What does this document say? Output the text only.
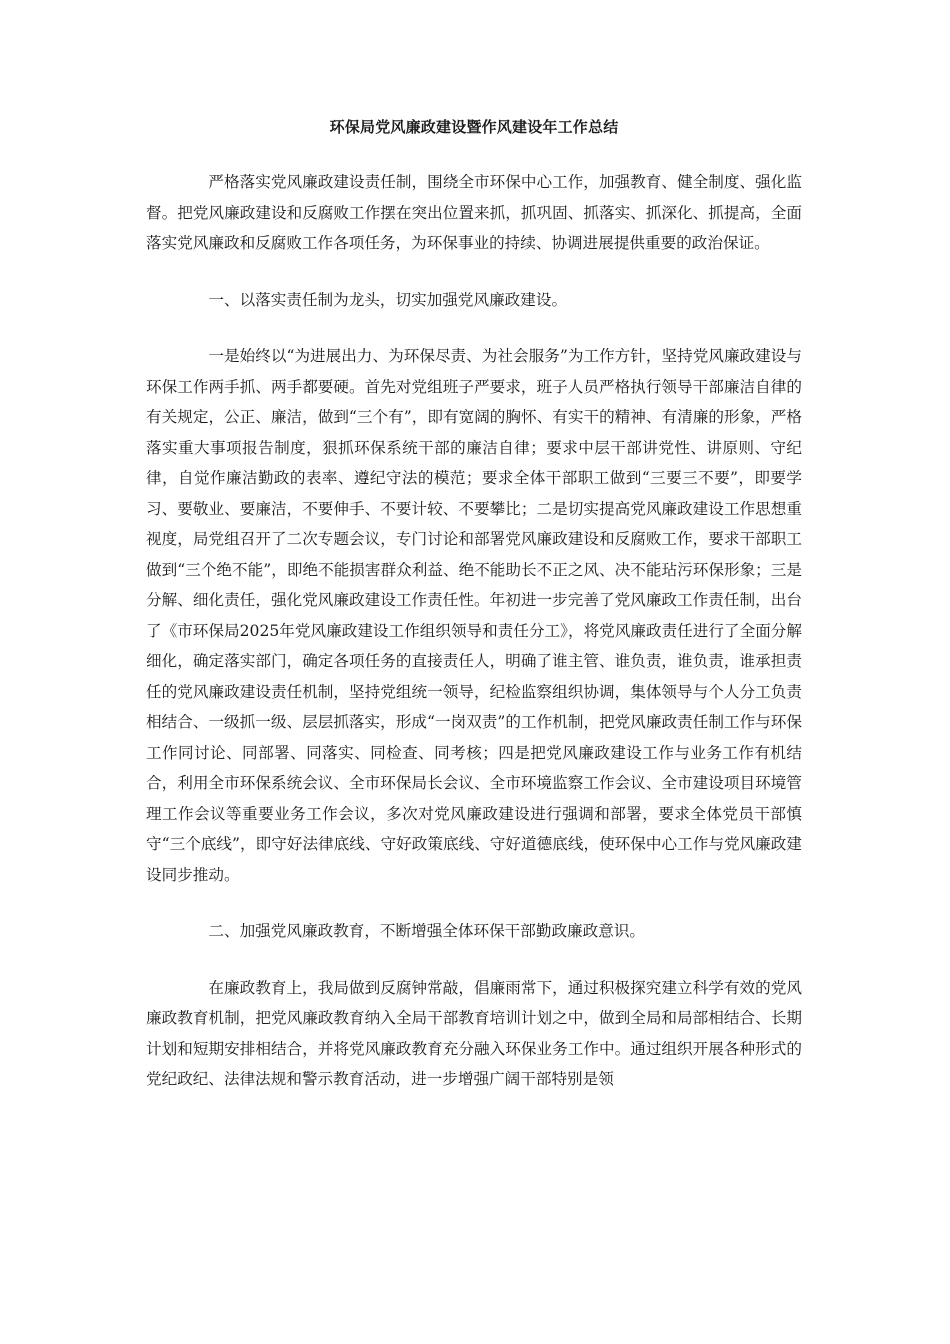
环保局党风廉政建设暨作风建设年工作总结

严格落实党风廉政建设责任制，围绕全市环保中心工作，加强教育、健全制度、强化监督。把党风廉政建设和反腐败工作摆在突出位置来抓，抓巩固、抓落实、抓深化、抓提高，全面落实党风廉政和反腐败工作各项任务，为环保事业的持续、协调进展提供重要的政治保证。

一、以落实责任制为龙头，切实加强党风廉政建设。

一是始终以“为进展出力、为环保尽责、为社会服务”为工作方针，坚持党风廉政建设与环保工作两手抓、两手都要硬。首先对党组班子严要求，班子人员严格执行领导干部廉洁自律的有关规定，公正、廉洁，做到“三个有”，即有宽阔的胸怀、有实干的精神、有清廉的形象，严格落实重大事项报告制度，狠抓环保系统干部的廉洁自律；要求中层干部讲党性、讲原则、守纪律，自觉作廉洁勤政的表率、遵纪守法的模范；要求全体干部职工做到“三要三不要”，即要学习、要敬业、要廉洁，不要伸手、不要计较、不要攀比；二是切实提高党风廉政建设工作思想重视度，局党组召开了二次专题会议，专门讨论和部署党风廉政建设和反腐败工作，要求干部职工做到“三个绝不能”，即绝不能损害群众利益、绝不能助长不正之风、决不能玷污环保形象；三是分解、细化责任，强化党风廉政建设工作责任性。年初进一步完善了党风廉政工作责任制，出台了《市环保局2025年党风廉政建设工作组织领导和责任分工》，将党风廉政责任进行了全面分解细化，确定落实部门，确定各项任务的直接责任人，明确了谁主管、谁负责，谁负责，谁承担责任的党风廉政建设责任机制，坚持党组统一领导，纪检监察组织协调，集体领导与个人分工负责相结合、一级抓一级、层层抓落实，形成“一岗双责”的工作机制，把党风廉政责任制工作与环保工作同讨论、同部署、同落实、同检查、同考核；四是把党风廉政建设工作与业务工作有机结合，利用全市环保系统会议、全市环保局长会议、全市环境监察工作会议、全市建设项目环境管理工作会议等重要业务工作会议，多次对党风廉政建设进行强调和部署，要求全体党员干部慎守“三个底线”，即守好法律底线、守好政策底线、守好道德底线，使环保中心工作与党风廉政建设同步推动。

二、加强党风廉政教育，不断增强全体环保干部勤政廉政意识。

在廉政教育上，我局做到反腐钟常敲，倡廉雨常下，通过积极探究建立科学有效的党风廉政教育机制，把党风廉政教育纳入全局干部教育培训计划之中，做到全局和局部相结合、长期计划和短期安排相结合，并将党风廉政教育充分融入环保业务工作中。通过组织开展各种形式的党纪政纪、法律法规和警示教育活动，进一步增强广阔干部特别是领
